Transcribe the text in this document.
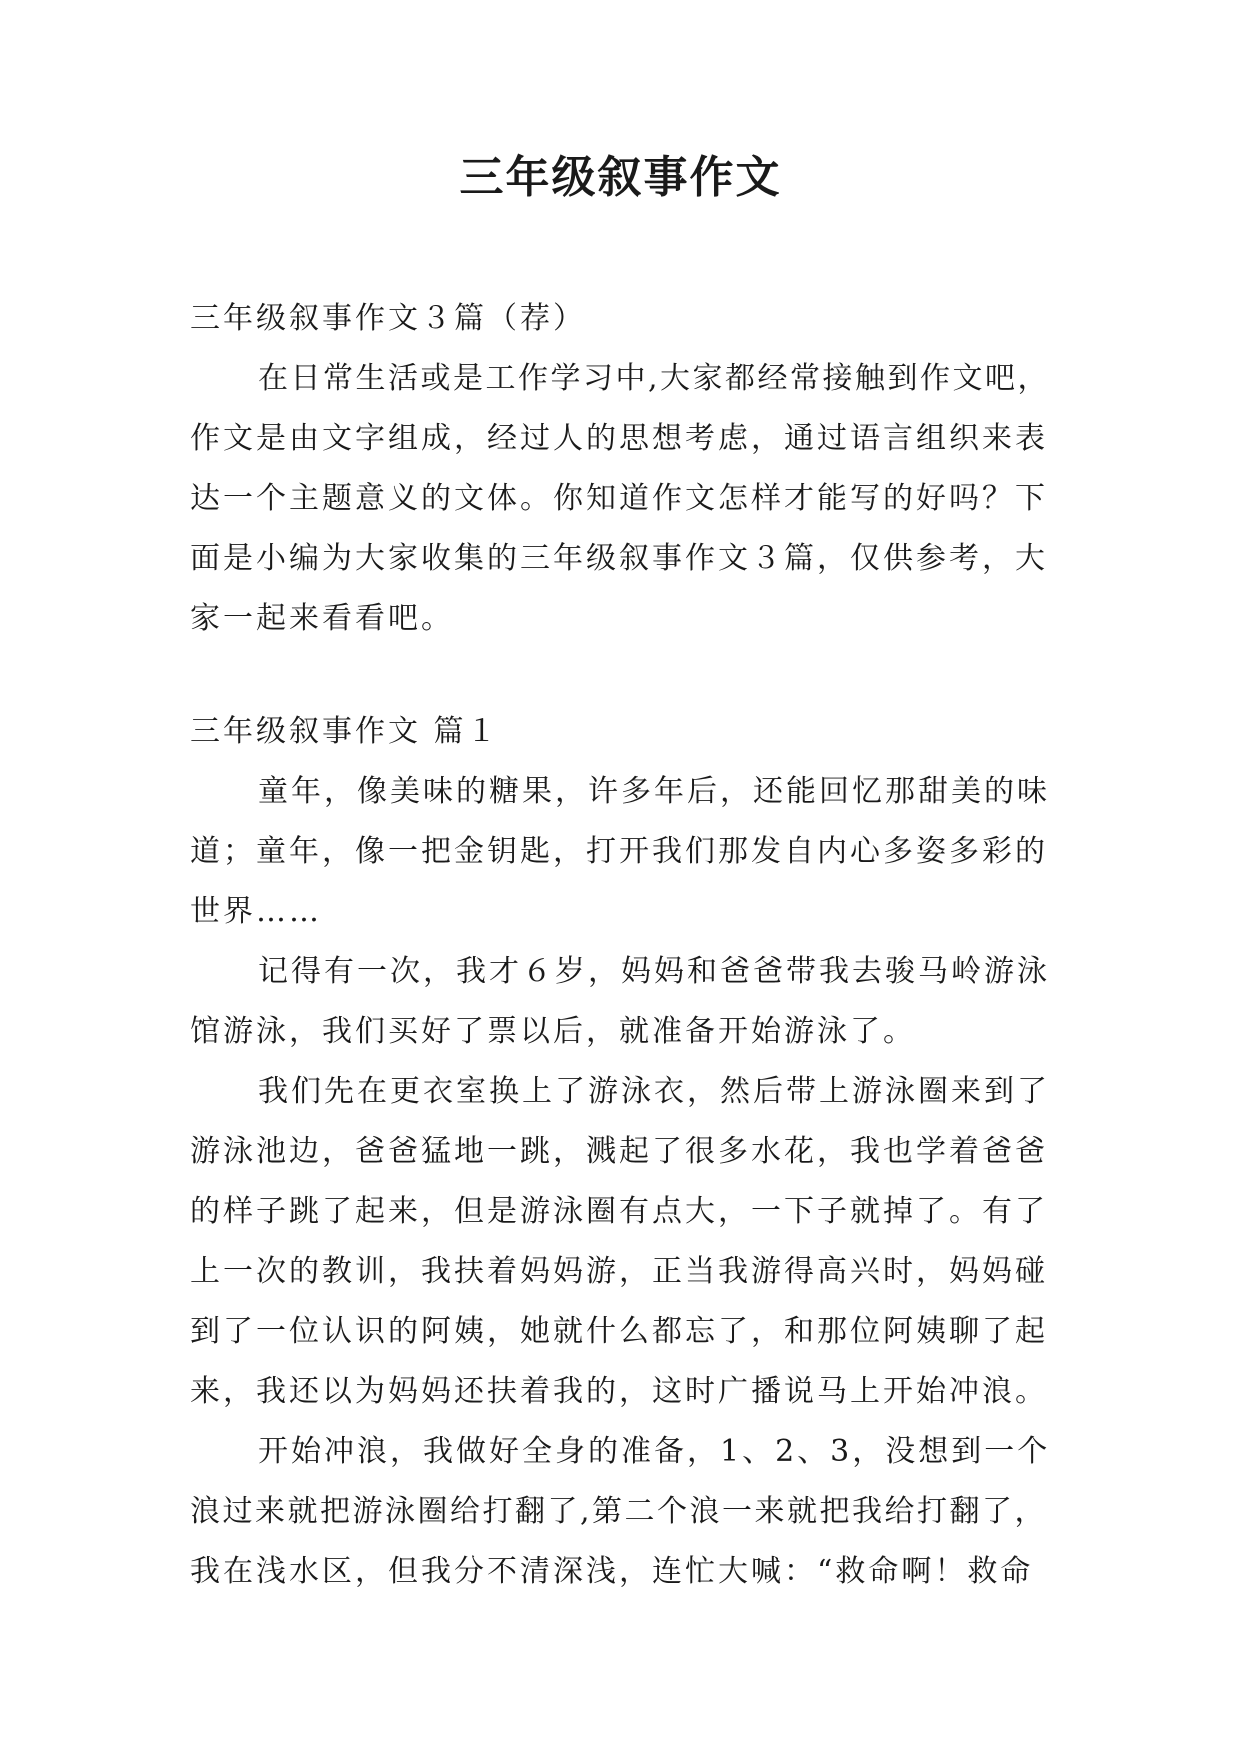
三年级叙事作文
三年级叙事作文３篇（荐）
在日常生活或是工作学习中,大家都经常接触到作文吧，
作文是由文字组成，经过人的思想考虑，通过语言组织来表
达一个主题意义的文体。你知道作文怎样才能写的好吗？下
面是小编为大家收集的三年级叙事作文３篇，仅供参考，大
家一起来看看吧。
三年级叙事作文 篇１
童年，像美味的糖果，许多年后，还能回忆那甜美的味
道；童年，像一把金钥匙，打开我们那发自内心多姿多彩的
世界……
记得有一次，我才６岁，妈妈和爸爸带我去骏马岭游泳
馆游泳，我们买好了票以后，就准备开始游泳了。
我们先在更衣室换上了游泳衣，然后带上游泳圈来到了
游泳池边，爸爸猛地一跳，溅起了很多水花，我也学着爸爸
的样子跳了起来，但是游泳圈有点大，一下子就掉了。有了
上一次的教训，我扶着妈妈游，正当我游得高兴时，妈妈碰
到了一位认识的阿姨，她就什么都忘了，和那位阿姨聊了起
来，我还以为妈妈还扶着我的，这时广播说马上开始冲浪。
开始冲浪，我做好全身的准备，1、2、3，没想到一个
浪过来就把游泳圈给打翻了,第二个浪一来就把我给打翻了，
我在浅水区，但我分不清深浅，连忙大喊：“救命啊！救命
